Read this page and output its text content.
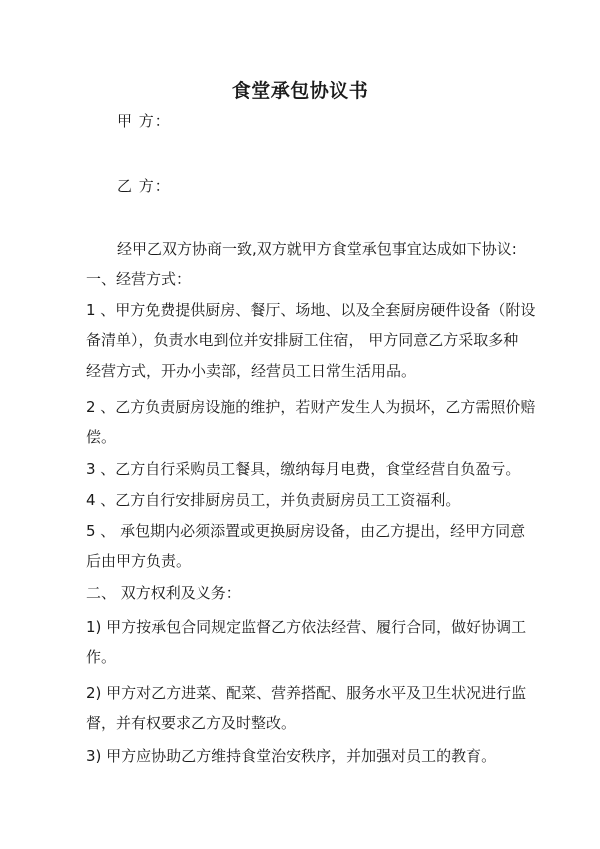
食堂承包协议书
甲 方：
乙 方：
经甲乙双方协商一致,双方就甲方食堂承包事宜达成如下协议:
一、经营方式：
1 、甲方免费提供厨房、餐厅、场地、以及全套厨房硬件设备（附设
备清单），负责水电到位并安排厨工住宿， 甲方同意乙方采取多种
经营方式，开办小卖部，经营员工日常生活用品。
2 、乙方负责厨房设施的维护，若财产发生人为损坏，乙方需照价赔
偿。
3 、乙方自行采购员工餐具，缴纳每月电费，食堂经营自负盈亏。
4 、乙方自行安排厨房员工，并负责厨房员工工资福利。
5 、 承包期内必须添置或更换厨房设备，由乙方提出，经甲方同意
后由甲方负责。
二、 双方权利及义务：
1) 甲方按承包合同规定监督乙方依法经营、履行合同，做好协调工
作。
2) 甲方对乙方进菜、配菜、营养搭配、服务水平及卫生状况进行监
督，并有权要求乙方及时整改。
3) 甲方应协助乙方维持食堂治安秩序，并加强对员工的教育。
